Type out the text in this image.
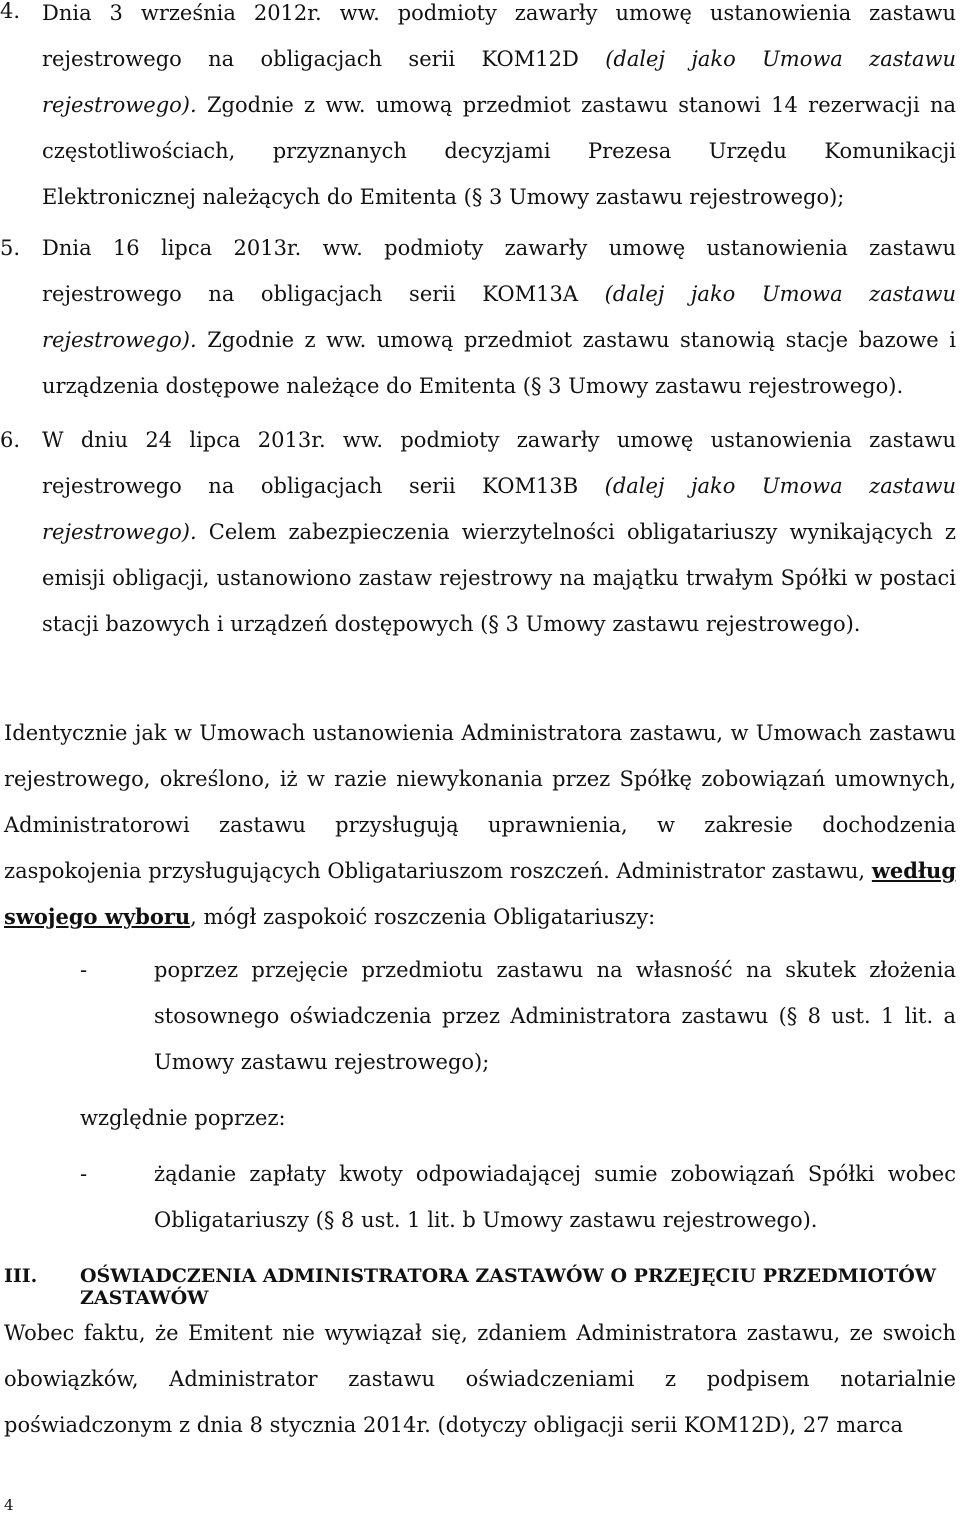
4. Dnia 3 września 2012r. ww. podmioty zawarły umowę ustanowienia zastawu rejestrowego na obligacjach serii KOM12D (dalej jako Umowa zastawu rejestrowego). Zgodnie z ww. umową przedmiot zastawu stanowi 14 rezerwacji na częstotliwościach, przyznanych decyzjami Prezesa Urzędu Komunikacji Elektronicznej należących do Emitenta (§ 3 Umowy zastawu rejestrowego);

5. Dnia 16 lipca 2013r. ww. podmioty zawarły umowę ustanowienia zastawu rejestrowego na obligacjach serii KOM13A (dalej jako Umowa zastawu rejestrowego). Zgodnie z ww. umową przedmiot zastawu stanowią stacje bazowe i urządzenia dostępowe należące do Emitenta (§ 3 Umowy zastawu rejestrowego).

6. W dniu 24 lipca 2013r. ww. podmioty zawarły umowę ustanowienia zastawu rejestrowego na obligacjach serii KOM13B (dalej jako Umowa zastawu rejestrowego). Celem zabezpieczenia wierzytelności obligatariuszy wynikających z emisji obligacji, ustanowiono zastaw rejestrowy na majątku trwałym Spółki w postaci stacji bazowych i urządzeń dostępowych (§ 3 Umowy zastawu rejestrowego).

Identycznie jak w Umowach ustanowienia Administratora zastawu, w Umowach zastawu rejestrowego, określono, iż w razie niewykonania przez Spółkę zobowiązań umownych, Administratorowi zastawu przysługują uprawnienia, w zakresie dochodzenia zaspokojenia przysługujących Obligatariuszom roszczeń. Administrator zastawu, według swojego wyboru, mógł zaspokoić roszczenia Obligatariuszy:

-	poprzez przejęcie przedmiotu zastawu na własność na skutek złożenia stosownego oświadczenia przez Administratora zastawu (§ 8 ust. 1 lit. a Umowy zastawu rejestrowego);

względnie poprzez:

-	żądanie zapłaty kwoty odpowiadającej sumie zobowiązań Spółki wobec Obligatariuszy (§ 8 ust. 1 lit. b Umowy zastawu rejestrowego).

III. OŚWIADCZENIA ADMINISTRATORA ZASTAWÓW O PRZEJĘCIU PRZEDMIOTÓW ZASTAWÓW

Wobec faktu, że Emitent nie wywiązał się, zdaniem Administratora zastawu, ze swoich obowiązków, Administrator zastawu oświadczeniami z podpisem notarialnie poświadczonym z dnia 8 stycznia 2014r. (dotyczy obligacji serii KOM12D), 27 marca

4
